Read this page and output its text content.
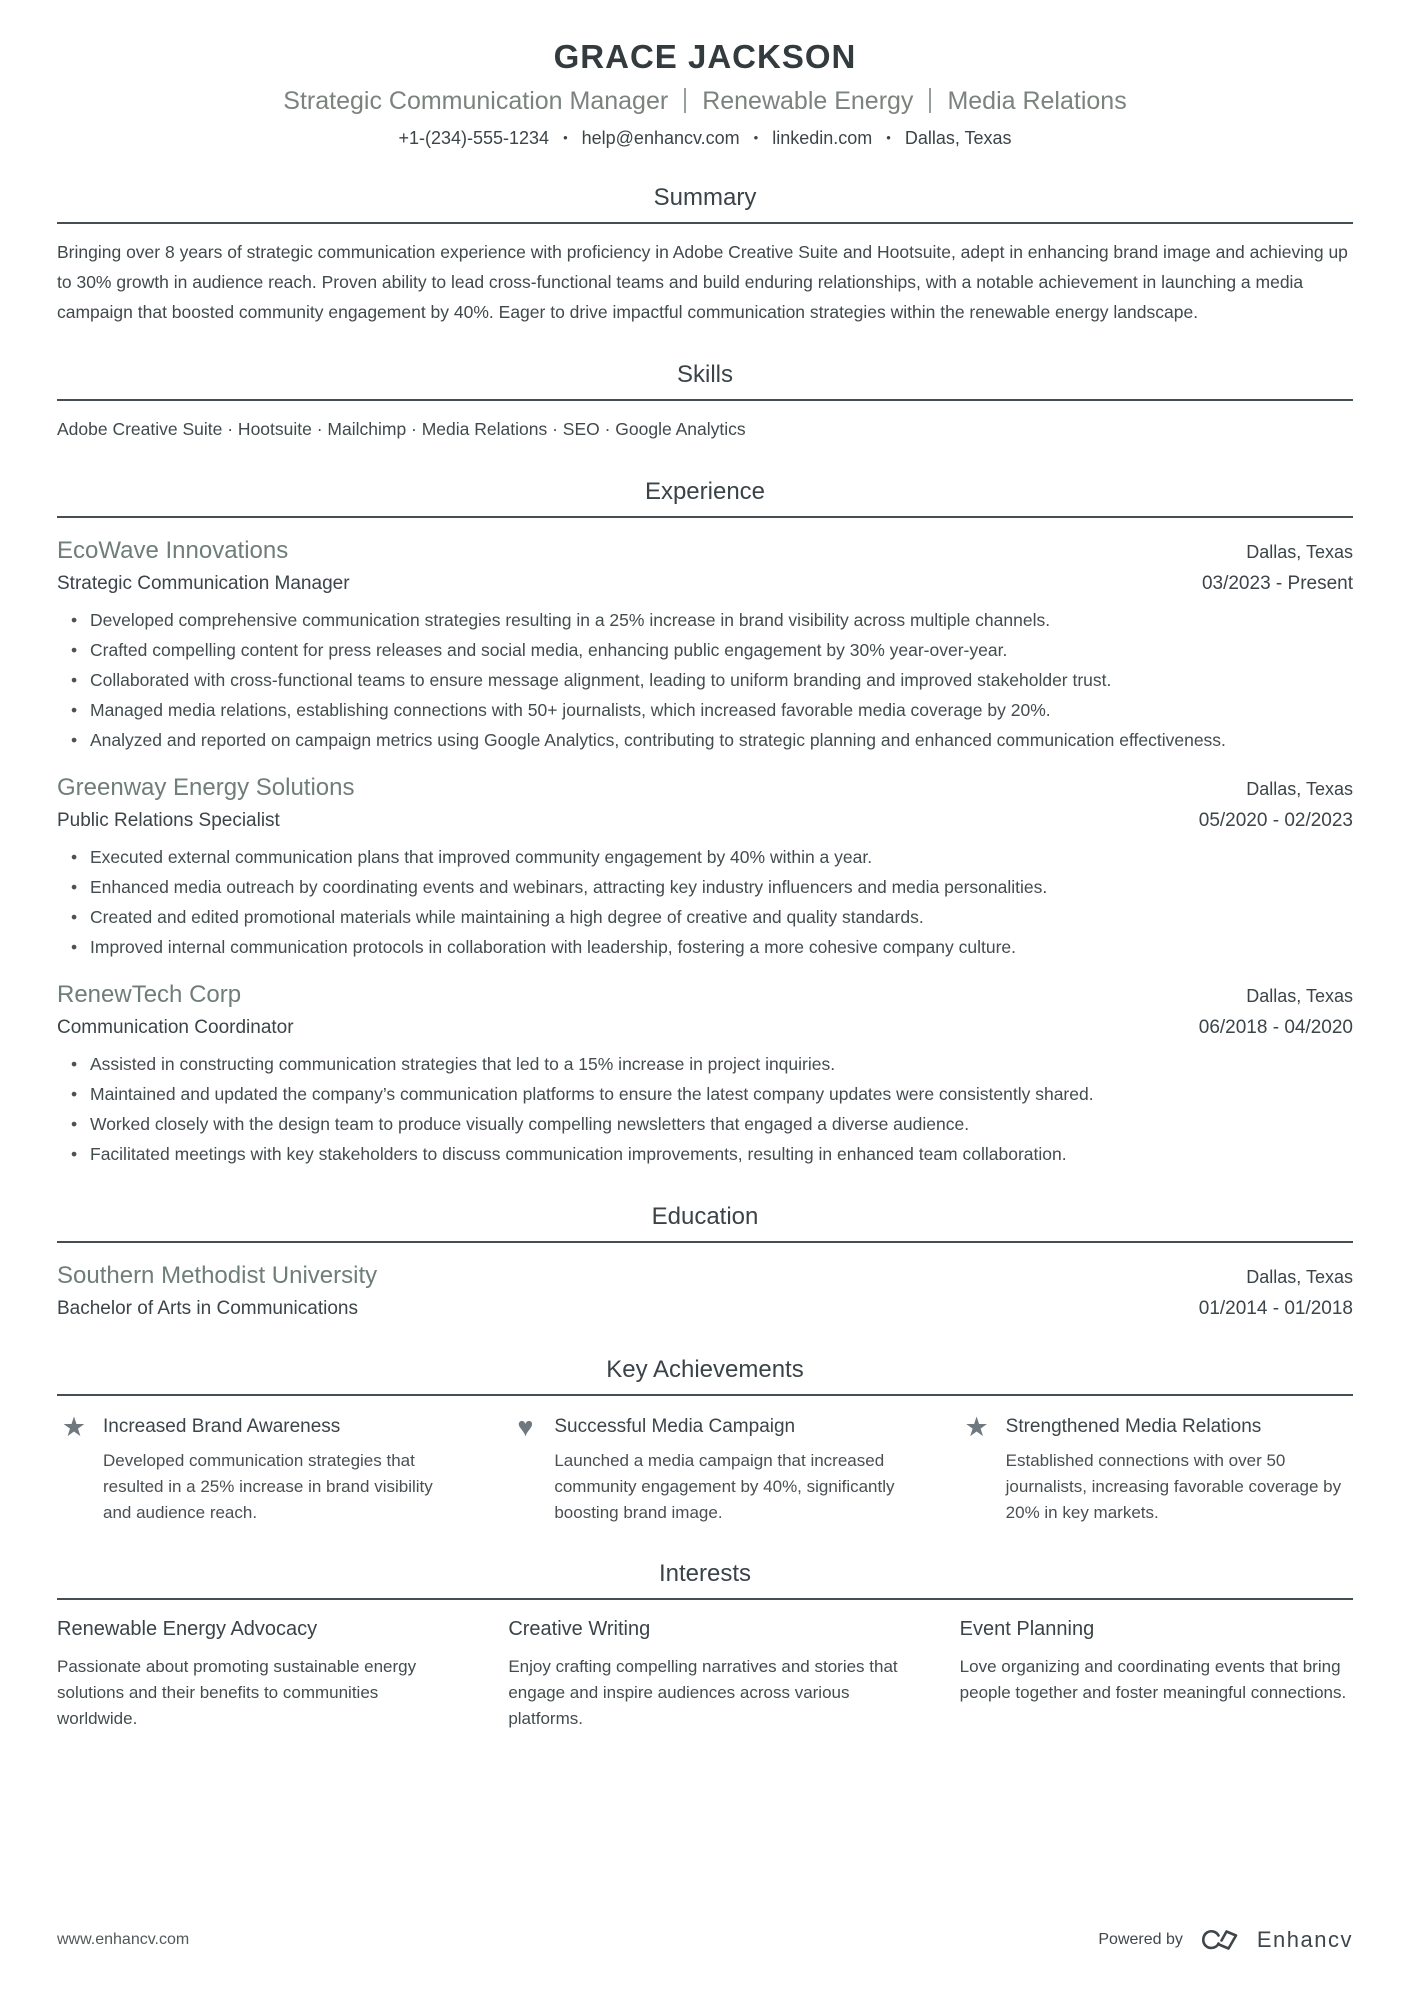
GRACE JACKSON
Strategic Communication Manager Renewable Energy Media Relations
+1-(234)-555-1234 • help@enhancv.com • linkedin.com • Dallas, Texas
Summary

Bringing over 8 years of strategic communication experience with proficiency in Adobe Creative Suite and Hootsuite, adept in enhancing brand image and achieving up to 30% growth in audience reach. Proven ability to lead cross-functional teams and build enduring relationships, with a notable achievement in launching a media campaign that boosted community engagement by 40%. Eager to drive impactful communication strategies within the renewable energy landscape.

Skills

Adobe Creative Suite · Hootsuite · Mailchimp · Media Relations · SEO · Google Analytics

Experience
EcoWave Innovations	Dallas, Texas
Strategic Communication Manager	03/2023 - Present
• Developed comprehensive communication strategies resulting in a 25% increase in brand visibility across multiple channels.
• Crafted compelling content for press releases and social media, enhancing public engagement by 30% year-over-year.
• Collaborated with cross-functional teams to ensure message alignment, leading to uniform branding and improved stakeholder trust.
• Managed media relations, establishing connections with 50+ journalists, which increased favorable media coverage by 20%.
• Analyzed and reported on campaign metrics using Google Analytics, contributing to strategic planning and enhanced communication effectiveness.
Greenway Energy Solutions	Dallas, Texas
Public Relations Specialist	05/2020 - 02/2023
• Executed external communication plans that improved community engagement by 40% within a year.
• Enhanced media outreach by coordinating events and webinars, attracting key industry influencers and media personalities.
• Created and edited promotional materials while maintaining a high degree of creative and quality standards.
• Improved internal communication protocols in collaboration with leadership, fostering a more cohesive company culture.
RenewTech Corp	Dallas, Texas
Communication Coordinator	06/2018 - 04/2020
• Assisted in constructing communication strategies that led to a 15% increase in project inquiries.
• Maintained and updated the company’s communication platforms to ensure the latest company updates were consistently shared.
• Worked closely with the design team to produce visually compelling newsletters that engaged a diverse audience.
• Facilitated meetings with key stakeholders to discuss communication improvements, resulting in enhanced team collaboration.
Education
Southern Methodist University	Dallas, Texas
Bachelor of Arts in Communications	01/2014 - 01/2018
Key Achievements
★ Increased Brand Awareness
Developed communication strategies that resulted in a 25% increase in brand visibility and audience reach.
♥	Successful Media Campaign
Launched a media campaign that increased community engagement by 40%, significantly boosting brand image.
★ Strengthened Media Relations
Established connections with over 50 journalists, increasing favorable coverage by 20% in key markets.
Interests
Renewable Energy Advocacy
Passionate about promoting sustainable energy solutions and their benefits to communities worldwide.
Creative Writing
Enjoy crafting compelling narratives and stories that engage and inspire audiences across various platforms.
Event Planning
Love organizing and coordinating events that bring people together and foster meaningful connections.
www.enhancv.com	Powered by	Enhancv
